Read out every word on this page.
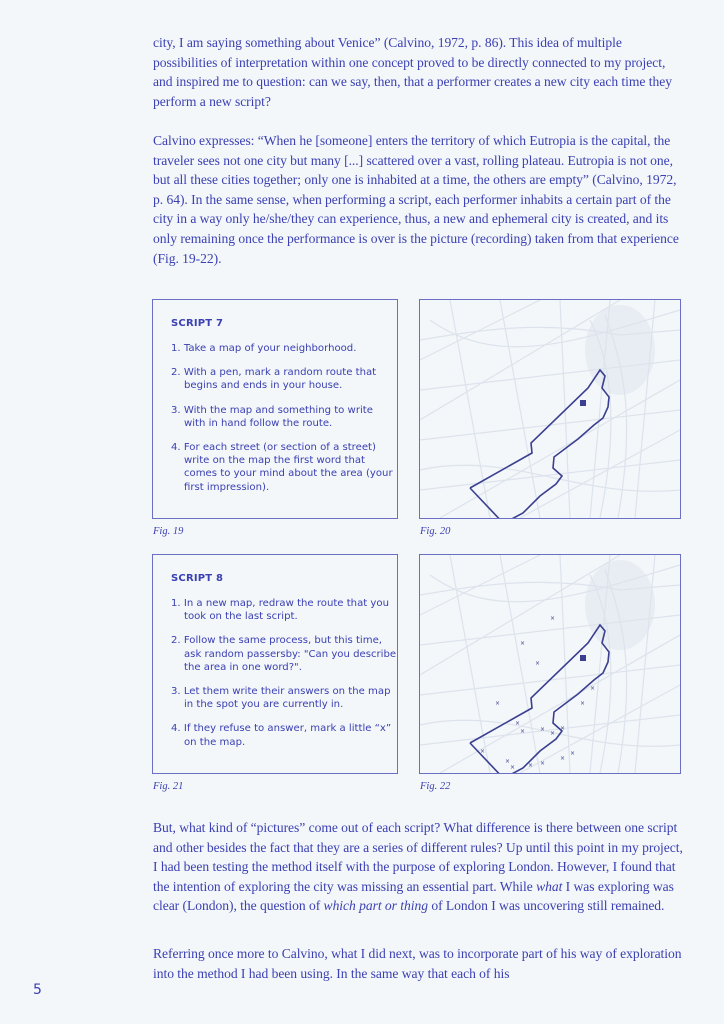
city, I am saying something about Venice” (Calvino, 1972, p. 86). This idea of multiple possibilities of interpretation within one concept proved to be directly connected to my project, and inspired me to question: can we say, then, that a performer creates a new city each time they perform a new script?

Calvino expresses: “When he [someone] enters the territory of which Eutropia is the capital, the traveler sees not one city but many [...] scattered over a vast, rolling plateau. Eutropia is not one, but all these cities together; only one is inhabited at a time, the others are empty” (Calvino, 1972, p. 64). In the same sense, when performing a script, each performer inhabits a certain part of the city in a way only he/she/they can experience, thus, a new and ephemeral city is created, and its only remaining once the performance is over is the picture (recording) taken from that experience (Fig. 19-22).

SCRIPT 7
1. Take a map of your neighborhood.
2. With a pen, mark a random route that begins and ends in your house.
3. With the map and something to write with in hand follow the route.
4. For each street (or section of a street) write on the map the first word that comes to your mind about the area (your first impression).
Fig. 19	Fig. 20
SCRIPT 8
1. In a new map, redraw the route that you took on the last script.
2. Follow the same process, but this time, ask random passersby: "Can you describe the area in one word?".
3. Let them write their answers on the map in the spot you are currently in.
4. If they refuse to answer, mark a little “x” on the map.
Fig. 21
×
×
×
×
×
× ×
×
×
×
×
×
×
×
× × ×
×
Fig. 22

But, what kind of “pictures” come out of each script? What difference is there between one script and other besides the fact that they are a series of different rules? Up until this point in my project, I had been testing the method itself with the purpose of exploring London. However, I found that the intention of exploring the city was missing an essential part. While what I was exploring was clear (London), the question of which part or thing of London I was uncovering still remained.

Referring once more to Calvino, what I did next, was to incorporate part of his way of exploration into the method I had been using. In the same way that each of his

5
